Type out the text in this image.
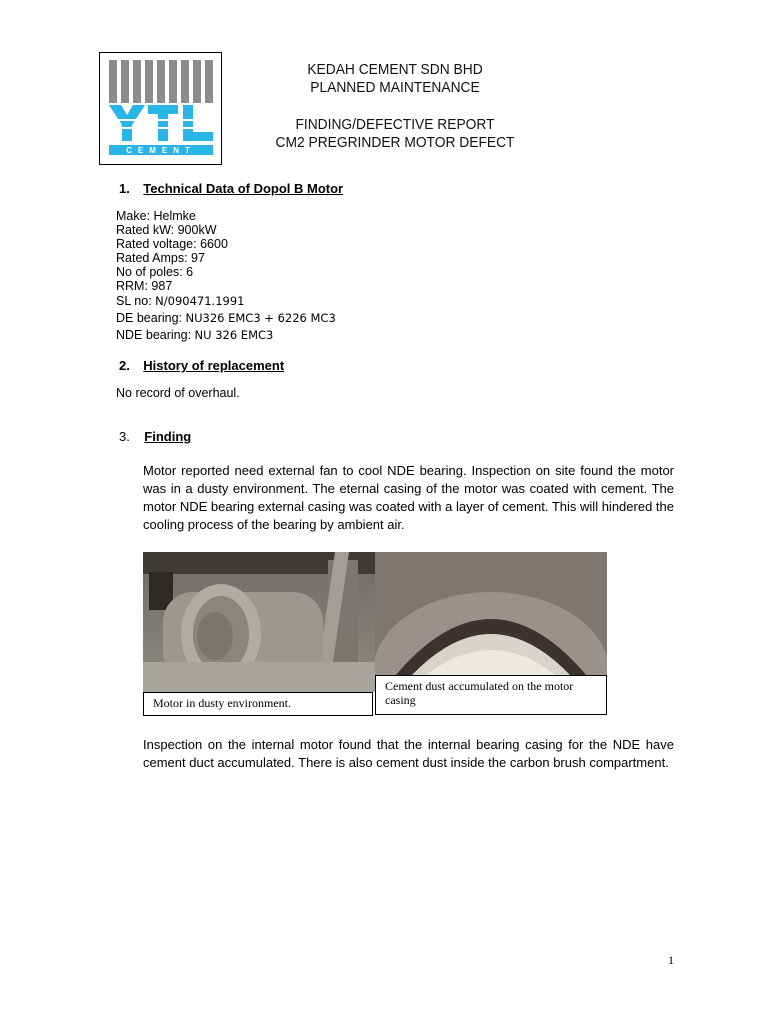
CEMENT
KEDAH CEMENT SDN BHD
PLANNED MAINTENANCE
FINDING/DEFECTIVE REPORT
CM2 PREGRINDER MOTOR DEFECT
1. Technical Data of Dopol B Motor
Make: Helmke
Rated kW: 900kW
Rated voltage: 6600
Rated Amps: 97
No of poles: 6
RRM: 987
SL no: N/090471.1991
DE bearing: NU326 EMC3 + 6226 MC3
NDE bearing: NU 326 EMC3
2. History of replacement
No record of overhaul.
3. Finding
Motor reported need external fan to cool NDE bearing. Inspection on site found the motor was in a dusty environment. The eternal casing of the motor was coated with cement. The motor NDE bearing external casing was coated with a layer of cement. This will hindered the cooling process of the bearing by ambient air.
Motor in dusty environment.
Cement dust accumulated on the motor casing
Inspection on the internal motor found that the internal bearing casing for the NDE have cement duct accumulated. There is also cement dust inside the carbon brush compartment.
1
